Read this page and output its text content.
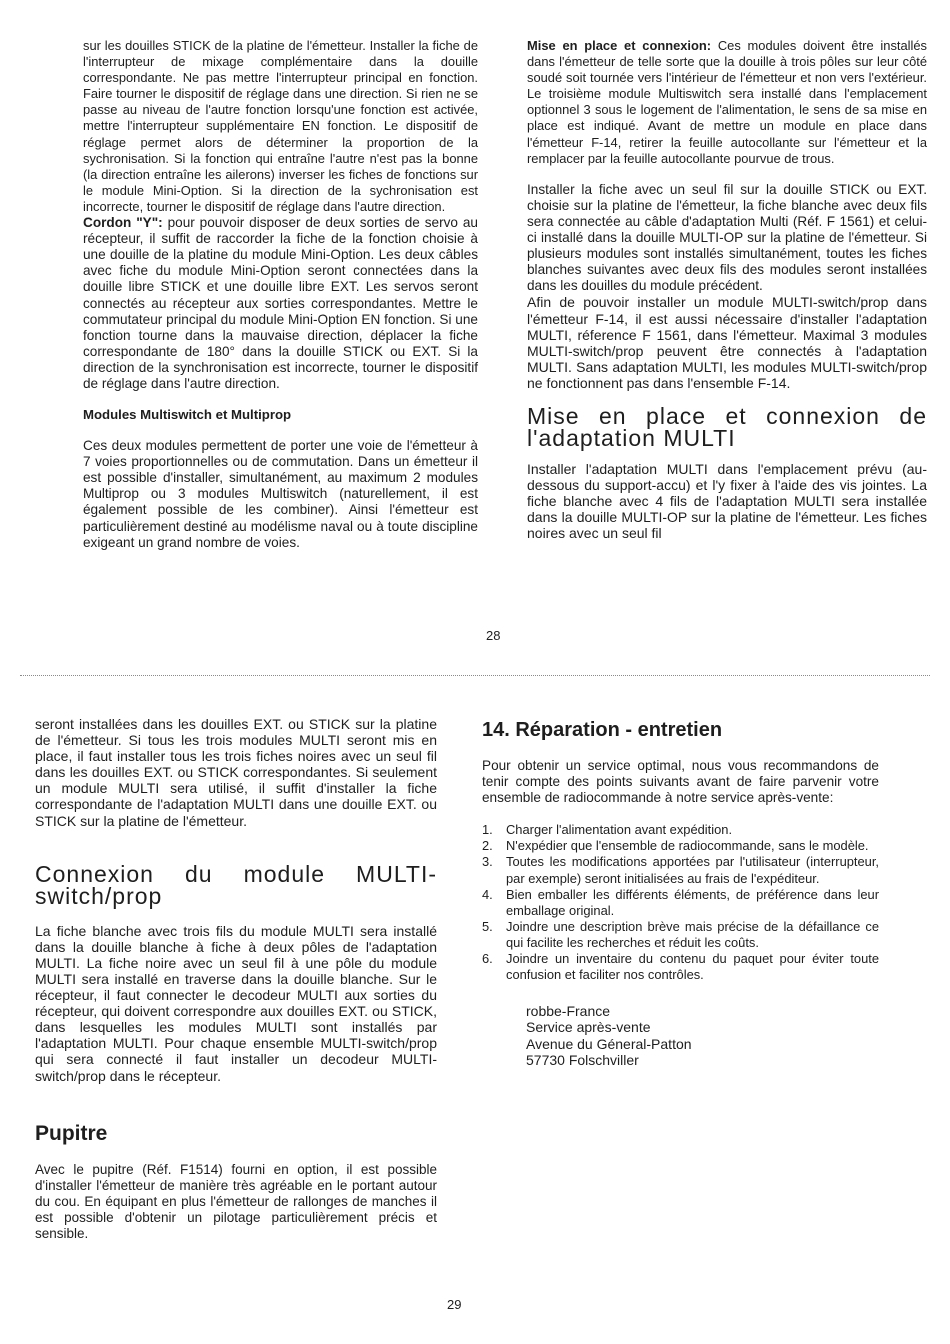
sur les douilles STICK de la platine de l'émetteur. Installer la fiche de l'interrupteur de mixage complémentaire dans la douille correspondante. Ne pas mettre l'interrupteur principal en fonction. Faire tourner le dispositif de réglage dans une direction. Si rien ne se passe au niveau de l'autre fonction lorsqu'une fonction est activée, mettre l'interrupteur supplémentaire EN fonction. Le dispositif de réglage permet alors de déterminer la proportion de la sychronisation. Si la fonction qui entraîne l'autre n'est pas la bonne (la direction entraîne les ailerons) inverser les fiches de fonctions sur le module Mini-Option. Si la direction de la sychronisation est incorrecte, tourner le dispositif de réglage dans l'autre direction.

Cordon "Y": pour pouvoir disposer de deux sorties de servo au récepteur, il suffit de raccorder la fiche de la fonction choisie à une douille de la platine du module Mini-Option. Les deux câbles avec fiche du module Mini-Option seront connectées dans la douille libre STICK et une douille libre EXT. Les servos seront connectés au récepteur aux sorties correspondantes. Mettre le commutateur principal du module Mini-Option EN fonction. Si une fonction tourne dans la mauvaise direction, déplacer la fiche correspondante de 180° dans la douille STICK ou EXT. Si la direction de la synchronisation est incorrecte, tourner le dispositif de réglage dans l'autre direction.

Modules Multiswitch et Multiprop

Ces deux modules permettent de porter une voie de l'émetteur à 7 voies proportionnelles ou de commutation. Dans un émetteur il est possible d'installer, simultanément, au maximum 2 modules Multiprop ou 3 modules Multiswitch (naturellement, il est également possible de les combiner). Ainsi l'émetteur est particulièrement destiné au modélisme naval ou à toute discipline exigeant un grand nombre de voies.

Mise en place et connexion: Ces modules doivent être installés dans l'émetteur de telle sorte que la douille à trois pôles sur leur côté soudé soit tournée vers l'intérieur de l'émetteur et non vers l'extérieur. Le troisième module Multiswitch sera installé dans l'emplacement optionnel 3 sous le logement de l'alimentation, le sens de sa mise en place est indiqué. Avant de mettre un module en place dans l'émetteur F-14, retirer la feuille autocollante sur l'émetteur et la remplacer par la feuille autocollante pourvue de trous.

Installer la fiche avec un seul fil sur la douille STICK ou EXT. choisie sur la platine de l'émetteur, la fiche blanche avec deux fils sera connectée au câble d'adaptation Multi (Réf. F 1561) et celui-ci installé dans la douille MULTI-OP sur la platine de l'émetteur. Si plusieurs modules sont installés simultanément, toutes les fiches blanches suivantes avec deux fils des modules seront installées dans les douilles du module précédent.

Afin de pouvoir installer un module MULTI-switch/prop dans l'émetteur F-14, il est aussi nécessaire d'installer l'adaptation MULTI, réference F 1561, dans l'émetteur. Maximal 3 modules MULTI-switch/prop peuvent être connectés à l'adaptation MULTI. Sans adaptation MULTI, les modules MULTI-switch/prop ne fonctionnent pas dans l'ensemble F-14.

Mise en place et connexion de
l'adaptation MULTI

Installer l'adaptation MULTI dans l'emplacement prévu (au-dessous du support-accu) et l'y fixer à l'aide des vis jointes. La fiche blanche avec 4 fils de l'adaptation MULTI sera installée dans la douille MULTI-OP sur la platine de l'émetteur. Les fiches noires avec un seul fil

28

seront installées dans les douilles EXT. ou STICK sur la platine de l'émetteur. Si tous les trois modules MULTI seront mis en place, il faut installer tous les trois fiches noires avec un seul fil dans les douilles EXT. ou STICK correspondantes. Si seulement un module MULTI sera utilisé, il suffit d'installer la fiche correspondante de l'adaptation MULTI dans une douille EXT. ou STICK sur la platine de l'émetteur.

Connexion du module MULTI-
switch/prop

La fiche blanche avec trois fils du module MULTI sera installé dans la douille blanche à fiche à deux pôles de l'adaptation MULTI. La fiche noire avec un seul fil à une pôle du module MULTI sera installé en traverse dans la douille blanche. Sur le récepteur, il faut connecter le decodeur MULTI aux sorties du récepteur, qui doivent correspondre aux douilles EXT. ou STICK, dans lesquelles les modules MULTI sont installés par l'adaptation MULTI. Pour chaque ensemble MULTI-switch/prop qui sera connecté il faut installer un decodeur MULTI-switch/prop dans le récepteur.

Pupitre

Avec le pupitre (Réf. F1514) fourni en option, il est possible d'installer l'émetteur de manière très agréable en le portant autour du cou. En équipant en plus l'émetteur de rallonges de manches il est possible d'obtenir un pilotage particulièrement précis et sensible.

14. Réparation - entretien

Pour obtenir un service optimal, nous vous recommandons de tenir compte des points suivants avant de faire parvenir votre ensemble de radiocommande à notre service après-vente:

1. Charger l'alimentation avant expédition.
2. N'expédier que l'ensemble de radiocommande, sans le modèle.
3. Toutes les modifications apportées par l'utilisateur (interrupteur, par exemple) seront initialisées au frais de l'expéditeur.
4. Bien emballer les différents éléments, de préférence dans leur emballage original.
5. Joindre une description brève mais précise de la défaillance ce qui facilite les recherches et réduit les coûts.
6. Joindre un inventaire du contenu du paquet pour éviter toute confusion et faciliter nos contrôles.
robbe-France
Service après-vente
Avenue du Géneral-Patton
57730 Folschviller
29
